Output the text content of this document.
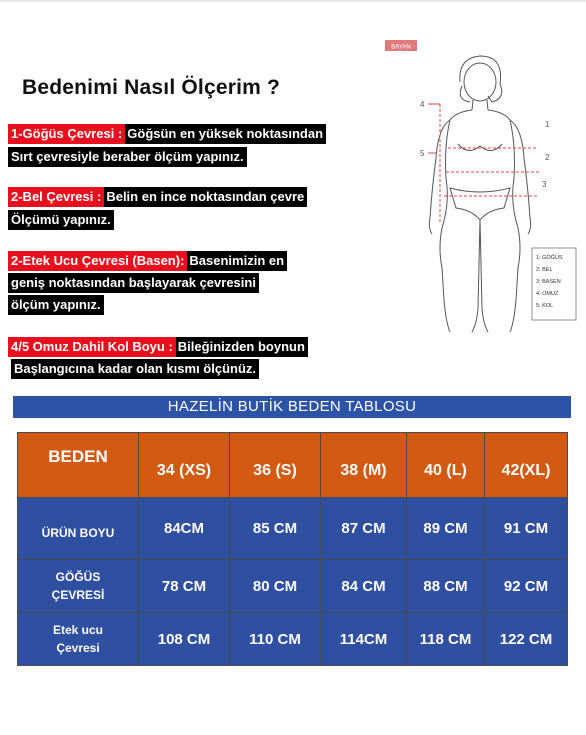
Bedenimi Nasıl Ölçerim ?
1-Göğüs Çevresi : Göğsün en yüksek noktasından
Sırt çevresiyle beraber ölçüm yapınız.
2-Bel Çevresi : Belin en ince noktasından çevre
Ölçümü yapınız.
2-Etek Ucu Çevresi (Basen): Basenimizin en
geniş noktasından başlayarak çevresini
ölçüm yapınız.
4/5 Omuz Dahil Kol Boyu : Bileğinizden boynun
Başlangıcına kadar olan kısmı ölçünüz.
BAYAN
1
2
3
4
5
1: GÖĞÜS
2: BEL
3: BASEN
4: OMUZ
5: KOL
HAZELİN BUTİK BEDEN TABLOSU
BEDEN	34 (XS)	36 (S)	38 (M)	40 (L)	42(XL)
ÜRÜN BOYU	84CM	85 CM	87 CM	89 CM	91 CM
GÖĞÜS
ÇEVRESİ	78 CM	80 CM	84 CM	88 CM	92 CM
Etek ucu
Çevresi	108 CM	110 CM	114CM	118 CM	122 CM
